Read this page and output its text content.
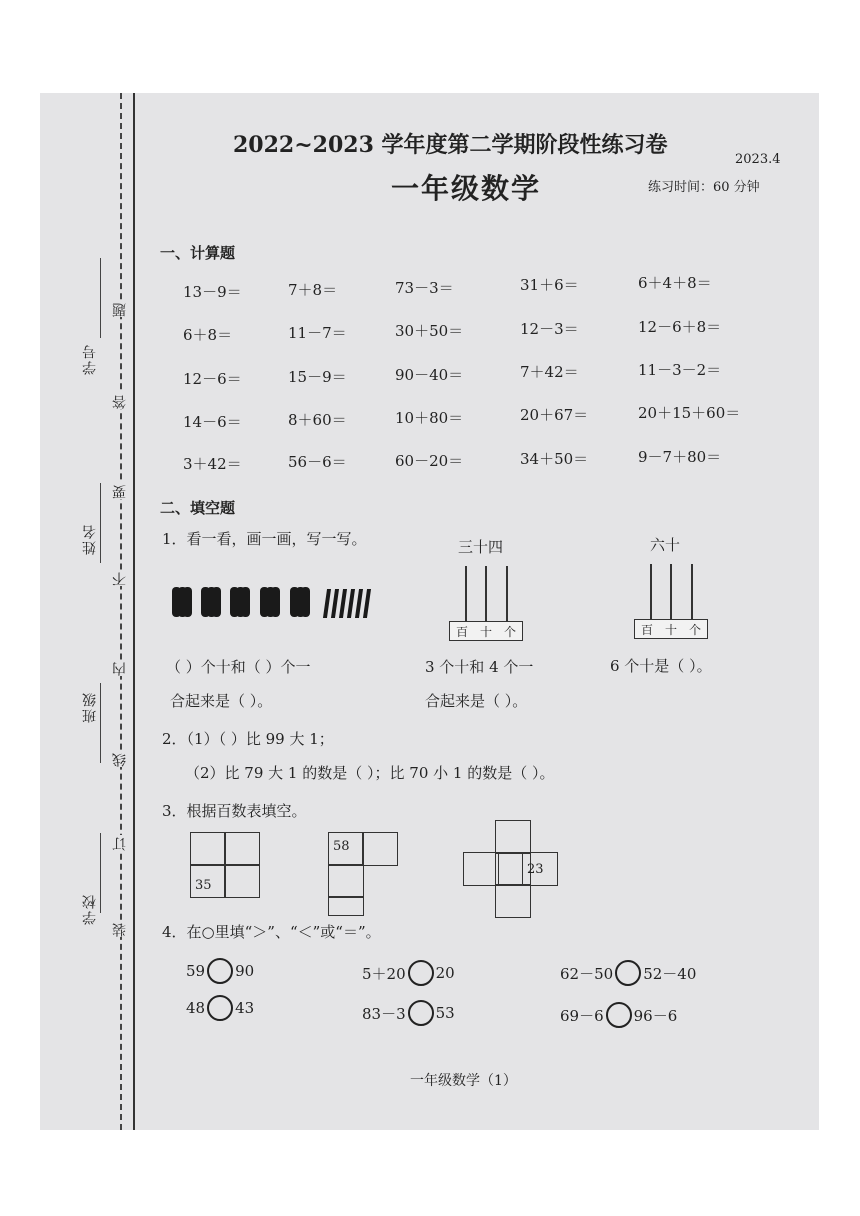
学号
姓名
班级
学校
题
答
要
不
内
线
订
装
2022~2023 学年度第二学期阶段性练习卷
一年级数学
2023.4
练习时间：60 分钟
一、计算题
13－9＝	7＋8＝	73－3＝	31＋6＝	6＋4＋8＝
6＋8＝	11－7＝	30＋50＝	12－3＝	12－6＋8＝
12－6＝	15－9＝	90－40＝	7＋42＝	11－3－2＝
14－6＝	8＋60＝	10＋80＝	20＋67＝	20＋15＋60＝
3＋42＝	56－6＝	60－20＝	34＋50＝	9－7＋80＝
二、填空题
1．看一看，画一画，写一写。	三十四	六十
百 十 个	百 十 个
（ ）个十和（ ）个一
合起来是（ ）。
3 个十和 4 个一
合起来是（ ）。
6 个十是（ ）。
2．（1）（ ）比 99 大 1；
（2）比 79 大 1 的数是（ ）；比 70 小 1 的数是（ ）。
3．根据百数表填空。
35
58
23
4．在○里填“＞”、“＜”或“＝”。
59 90	5＋20 20	62－50 52－40
48 43	83－3 53	69－6 96－6
一年级数学（1）
